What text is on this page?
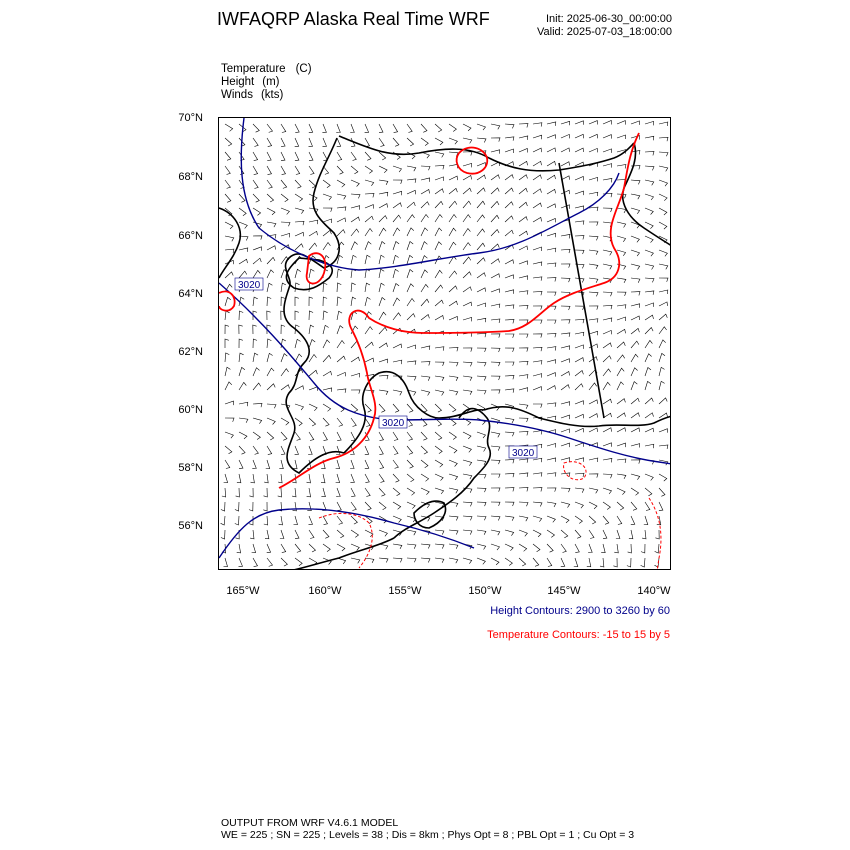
IWFAQRP Alaska Real Time WRF	Init: 2025-06-30_00:00:00
Valid: 2025-07-03_18:00:00
Temperature (C)
Height (m)
Winds (kts)
70°N
68°N
66°N
64°N
62°N
60°N
58°N
56°N
165°W	160°W	155°W	150°W	145°W	140°W
3020
3020
3020
Height Contours: 2900 to 3260 by 60
Temperature Contours: -15 to 15 by 5
OUTPUT FROM WRF V4.6.1 MODEL
WE = 225 ; SN = 225 ; Levels = 38 ; Dis = 8km ; Phys Opt = 8 ; PBL Opt = 1 ; Cu Opt = 3
